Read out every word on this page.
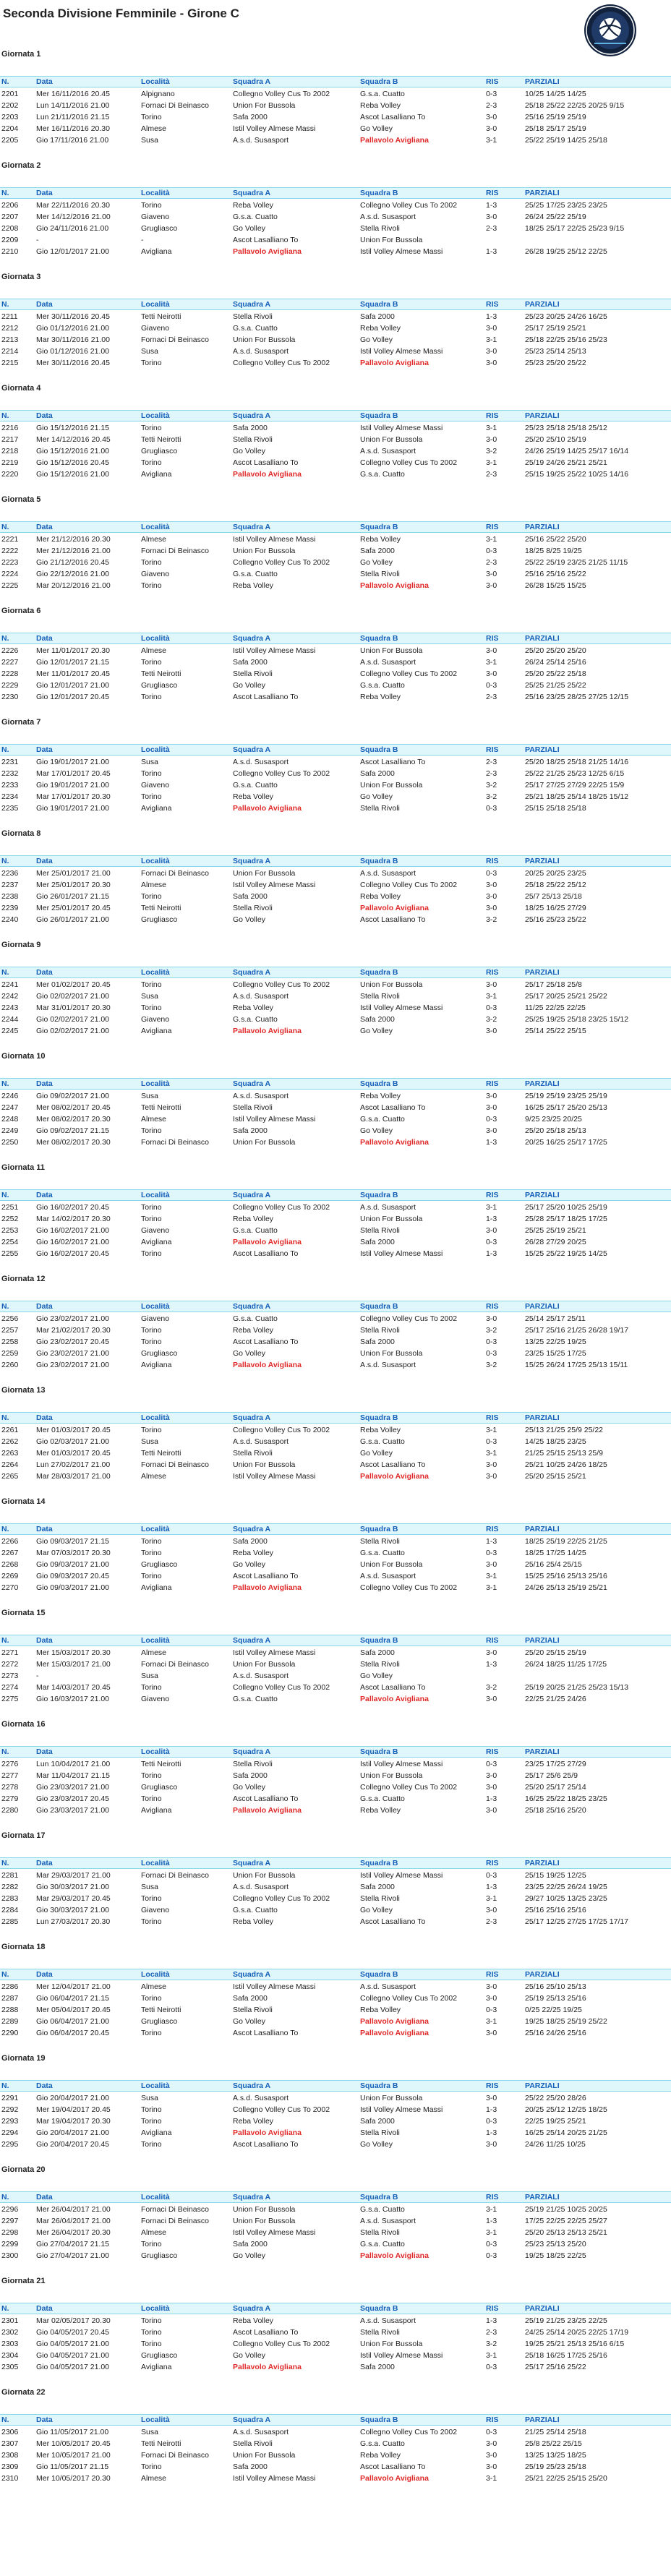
Seconda Divisione Femminile - Girone C
Giornata 1
N.	Data	Località	Squadra A	Squadra B	RIS	PARZIALI
2201	Mer 16/11/2016 20.45	Alpignano	Collegno Volley Cus To 2002	G.s.a. Cuatto	0-3	10/25 14/25 14/25
2202	Lun 14/11/2016 21.00	Fornaci Di Beinasco	Union For Bussola	Reba Volley	2-3	25/18 25/22 22/25 20/25 9/15
2203	Lun 21/11/2016 21.15	Torino	Safa 2000	Ascot Lasalliano To	3-0	25/16 25/19 25/19
2204	Mer 16/11/2016 20.30	Almese	Istil Volley Almese Massi	Go Volley	3-0	25/18 25/17 25/19
2205	Gio 17/11/2016 21.00	Susa	A.s.d. Susasport	Pallavolo Avigliana	3-1	25/22 25/19 14/25 25/18
Giornata 2
N.	Data	Località	Squadra A	Squadra B	RIS	PARZIALI
2206	Mar 22/11/2016 20.30	Torino	Reba Volley	Collegno Volley Cus To 2002	1-3	25/25 17/25 23/25 23/25
2207	Mer 14/12/2016 21.00	Giaveno	G.s.a. Cuatto	A.s.d. Susasport	3-0	26/24 25/22 25/19
2208	Gio 24/11/2016 21.00	Grugliasco	Go Volley	Stella Rivoli	2-3	18/25 25/17 22/25 25/23 9/15
2209	-	-	Ascot Lasalliano To	Union For Bussola
2210	Gio 12/01/2017 21.00	Avigliana	Pallavolo Avigliana	Istil Volley Almese Massi	1-3	26/28 19/25 25/12 22/25
Giornata 3
N.	Data	Località	Squadra A	Squadra B	RIS	PARZIALI
2211	Mer 30/11/2016 20.45	Tetti Neirotti	Stella Rivoli	Safa 2000	1-3	25/23 20/25 24/26 16/25
2212	Gio 01/12/2016 21.00	Giaveno	G.s.a. Cuatto	Reba Volley	3-0	25/17 25/19 25/21
2213	Mar 30/11/2016 21.00	Fornaci Di Beinasco	Union For Bussola	Go Volley	3-1	25/18 22/25 25/16 25/23
2214	Gio 01/12/2016 21.00	Susa	A.s.d. Susasport	Istil Volley Almese Massi	3-0	25/23 25/14 25/13
2215	Mer 30/11/2016 20.45	Torino	Collegno Volley Cus To 2002	Pallavolo Avigliana	3-0	25/23 25/20 25/22
Giornata 4
N.	Data	Località	Squadra A	Squadra B	RIS	PARZIALI
2216	Gio 15/12/2016 21.15	Torino	Safa 2000	Istil Volley Almese Massi	3-1	25/23 25/18 25/18 25/12
2217	Mer 14/12/2016 20.45	Tetti Neirotti	Stella Rivoli	Union For Bussola	3-0	25/20 25/10 25/19
2218	Gio 15/12/2016 21.00	Grugliasco	Go Volley	A.s.d. Susasport	3-2	24/26 25/19 14/25 25/17 16/14
2219	Gio 15/12/2016 20.45	Torino	Ascot Lasalliano To	Collegno Volley Cus To 2002	3-1	25/19 24/26 25/21 25/21
2220	Gio 15/12/2016 21.00	Avigliana	Pallavolo Avigliana	G.s.a. Cuatto	2-3	25/15 19/25 25/22 10/25 14/16
Giornata 5
N.	Data	Località	Squadra A	Squadra B	RIS	PARZIALI
2221	Mer 21/12/2016 20.30	Almese	Istil Volley Almese Massi	Reba Volley	3-1	25/16 25/22 25/20
2222	Mer 21/12/2016 21.00	Fornaci Di Beinasco	Union For Bussola	Safa 2000	0-3	18/25 8/25 19/25
2223	Gio 21/12/2016 20.45	Torino	Collegno Volley Cus To 2002	Go Volley	2-3	25/22 25/19 23/25 21/25 11/15
2224	Gio 22/12/2016 21.00	Giaveno	G.s.a. Cuatto	Stella Rivoli	3-0	25/16 25/16 25/22
2225	Mar 20/12/2016 21.00	Torino	Reba Volley	Pallavolo Avigliana	3-0	26/28 15/25 15/25
Giornata 6
N.	Data	Località	Squadra A	Squadra B	RIS	PARZIALI
2226	Mer 11/01/2017 20.30	Almese	Istil Volley Almese Massi	Union For Bussola	3-0	25/20 25/20 25/20
2227	Gio 12/01/2017 21.15	Torino	Safa 2000	A.s.d. Susasport	3-1	26/24 25/14 25/16
2228	Mer 11/01/2017 20.45	Tetti Neirotti	Stella Rivoli	Collegno Volley Cus To 2002	3-0	25/20 25/22 25/18
2229	Gio 12/01/2017 21.00	Grugliasco	Go Volley	G.s.a. Cuatto	0-3	25/25 21/25 25/22
2230	Gio 12/01/2017 20.45	Torino	Ascot Lasalliano To	Reba Volley	2-3	25/16 23/25 28/25 27/25 12/15
Giornata 7
N.	Data	Località	Squadra A	Squadra B	RIS	PARZIALI
2231	Gio 19/01/2017 21.00	Susa	A.s.d. Susasport	Ascot Lasalliano To	2-3	25/20 18/25 25/18 21/25 14/16
2232	Mar 17/01/2017 20.45	Torino	Collegno Volley Cus To 2002	Safa 2000	2-3	25/22 21/25 25/23 12/25 6/15
2233	Gio 19/01/2017 21.00	Giaveno	G.s.a. Cuatto	Union For Bussola	3-2	25/17 27/25 27/29 22/25 15/9
2234	Mar 17/01/2017 20.30	Torino	Reba Volley	Go Volley	3-2	25/21 18/25 25/14 18/25 15/12
2235	Gio 19/01/2017 21.00	Avigliana	Pallavolo Avigliana	Stella Rivoli	0-3	25/15 25/18 25/18
Giornata 8
N.	Data	Località	Squadra A	Squadra B	RIS	PARZIALI
2236	Mer 25/01/2017 21.00	Fornaci Di Beinasco	Union For Bussola	A.s.d. Susasport	0-3	20/25 20/25 23/25
2237	Mer 25/01/2017 20.30	Almese	Istil Volley Almese Massi	Collegno Volley Cus To 2002	3-0	25/18 25/22 25/12
2238	Gio 26/01/2017 21.15	Torino	Safa 2000	Reba Volley	3-0	25/7 25/13 25/18
2239	Mer 25/01/2017 20.45	Tetti Neirotti	Stella Rivoli	Pallavolo Avigliana	3-0	18/25 16/25 27/29
2240	Gio 26/01/2017 21.00	Grugliasco	Go Volley	Ascot Lasalliano To	3-2	25/16 25/23 25/22
Giornata 9
N.	Data	Località	Squadra A	Squadra B	RIS	PARZIALI
2241	Mer 01/02/2017 20.45	Torino	Collegno Volley Cus To 2002	Union For Bussola	3-0	25/17 25/18 25/8
2242	Gio 02/02/2017 21.00	Susa	A.s.d. Susasport	Stella Rivoli	3-1	25/17 20/25 25/21 25/22
2243	Mar 31/01/2017 20.30	Torino	Reba Volley	Istil Volley Almese Massi	0-3	11/25 22/25 22/25
2244	Gio 02/02/2017 21.00	Giaveno	G.s.a. Cuatto	Safa 2000	3-2	25/25 19/25 25/18 23/25 15/12
2245	Gio 02/02/2017 21.00	Avigliana	Pallavolo Avigliana	Go Volley	3-0	25/14 25/22 25/15
Giornata 10
N.	Data	Località	Squadra A	Squadra B	RIS	PARZIALI
2246	Gio 09/02/2017 21.00	Susa	A.s.d. Susasport	Reba Volley	3-0	25/19 25/19 23/25 25/19
2247	Mer 08/02/2017 20.45	Tetti Neirotti	Stella Rivoli	Ascot Lasalliano To	3-0	16/25 25/17 25/20 25/13
2248	Mer 08/02/2017 20.30	Almese	Istil Volley Almese Massi	G.s.a. Cuatto	0-3	9/25 23/25 20/25
2249	Gio 09/02/2017 21.15	Torino	Safa 2000	Go Volley	3-0	25/20 25/18 25/13
2250	Mer 08/02/2017 20.30	Fornaci Di Beinasco	Union For Bussola	Pallavolo Avigliana	1-3	20/25 16/25 25/17 17/25
Giornata 11
N.	Data	Località	Squadra A	Squadra B	RIS	PARZIALI
2251	Gio 16/02/2017 20.45	Torino	Collegno Volley Cus To 2002	A.s.d. Susasport	3-1	25/17 25/20 10/25 25/19
2252	Mar 14/02/2017 20.30	Torino	Reba Volley	Union For Bussola	1-3	25/28 25/17 18/25 17/25
2253	Gio 16/02/2017 21.00	Giaveno	G.s.a. Cuatto	Stella Rivoli	3-0	25/25 25/19 25/21
2254	Gio 16/02/2017 21.00	Avigliana	Pallavolo Avigliana	Safa 2000	0-3	26/28 27/29 20/25
2255	Gio 16/02/2017 20.45	Torino	Ascot Lasalliano To	Istil Volley Almese Massi	1-3	15/25 25/22 19/25 14/25
Giornata 12
N.	Data	Località	Squadra A	Squadra B	RIS	PARZIALI
2256	Gio 23/02/2017 21.00	Giaveno	G.s.a. Cuatto	Collegno Volley Cus To 2002	3-0	25/14 25/17 25/11
2257	Mar 21/02/2017 20.30	Torino	Reba Volley	Stella Rivoli	3-2	25/17 25/16 21/25 26/28 19/17
2258	Gio 23/02/2017 20.45	Torino	Ascot Lasalliano To	Safa 2000	0-3	13/25 22/25 19/25
2259	Gio 23/02/2017 21.00	Grugliasco	Go Volley	Union For Bussola	0-3	23/25 15/25 17/25
2260	Gio 23/02/2017 21.00	Avigliana	Pallavolo Avigliana	A.s.d. Susasport	3-2	15/25 26/24 17/25 25/13 15/11
Giornata 13
N.	Data	Località	Squadra A	Squadra B	RIS	PARZIALI
2261	Mer 01/03/2017 20.45	Torino	Collegno Volley Cus To 2002	Reba Volley	3-1	25/13 21/25 25/9 25/22
2262	Gio 02/03/2017 21.00	Susa	A.s.d. Susasport	G.s.a. Cuatto	0-3	14/25 18/25 23/25
2263	Mer 01/03/2017 20.45	Tetti Neirotti	Stella Rivoli	Go Volley	3-1	21/25 25/15 25/13 25/9
2264	Lun 27/02/2017 21.00	Fornaci Di Beinasco	Union For Bussola	Ascot Lasalliano To	3-0	25/21 10/25 24/26 18/25
2265	Mar 28/03/2017 21.00	Almese	Istil Volley Almese Massi	Pallavolo Avigliana	3-0	25/20 25/15 25/21
Giornata 14
N.	Data	Località	Squadra A	Squadra B	RIS	PARZIALI
2266	Gio 09/03/2017 21.15	Torino	Safa 2000	Stella Rivoli	1-3	18/25 25/19 22/25 21/25
2267	Mar 07/03/2017 20.30	Torino	Reba Volley	G.s.a. Cuatto	0-3	18/25 17/25 14/25
2268	Gio 09/03/2017 21.00	Grugliasco	Go Volley	Union For Bussola	3-0	25/16 25/4 25/15
2269	Gio 09/03/2017 20.45	Torino	Ascot Lasalliano To	A.s.d. Susasport	3-1	15/25 25/16 25/13 25/16
2270	Gio 09/03/2017 21.00	Avigliana	Pallavolo Avigliana	Collegno Volley Cus To 2002	3-1	24/26 25/13 25/19 25/21
Giornata 15
N.	Data	Località	Squadra A	Squadra B	RIS	PARZIALI
2271	Mer 15/03/2017 20.30	Almese	Istil Volley Almese Massi	Safa 2000	3-0	25/20 25/15 25/19
2272	Mer 15/03/2017 21.00	Fornaci Di Beinasco	Union For Bussola	Stella Rivoli	1-3	26/24 18/25 11/25 17/25
2273	-	Susa	A.s.d. Susasport	Go Volley
2274	Mar 14/03/2017 20.45	Torino	Collegno Volley Cus To 2002	Ascot Lasalliano To	3-2	25/19 20/25 21/25 25/23 15/13
2275	Gio 16/03/2017 21.00	Giaveno	G.s.a. Cuatto	Pallavolo Avigliana	3-0	22/25 21/25 24/26
Giornata 16
N.	Data	Località	Squadra A	Squadra B	RIS	PARZIALI
2276	Lun 10/04/2017 21.00	Tetti Neirotti	Stella Rivoli	Istil Volley Almese Massi	0-3	23/25 17/25 27/29
2277	Mar 11/04/2017 21.15	Torino	Safa 2000	Union For Bussola	3-0	25/17 25/6 25/9
2278	Gio 23/03/2017 21.00	Grugliasco	Go Volley	Collegno Volley Cus To 2002	3-0	25/20 25/17 25/14
2279	Gio 23/03/2017 20.45	Torino	Ascot Lasalliano To	G.s.a. Cuatto	1-3	16/25 25/22 18/25 23/25
2280	Gio 23/03/2017 21.00	Avigliana	Pallavolo Avigliana	Reba Volley	3-0	25/18 25/16 25/20
Giornata 17
N.	Data	Località	Squadra A	Squadra B	RIS	PARZIALI
2281	Mar 29/03/2017 21.00	Fornaci Di Beinasco	Union For Bussola	Istil Volley Almese Massi	0-3	25/15 19/25 12/25
2282	Gio 30/03/2017 21.00	Susa	A.s.d. Susasport	Safa 2000	1-3	23/25 22/25 26/24 19/25
2283	Mar 29/03/2017 20.45	Torino	Collegno Volley Cus To 2002	Stella Rivoli	3-1	29/27 10/25 13/25 23/25
2284	Gio 30/03/2017 21.00	Giaveno	G.s.a. Cuatto	Go Volley	3-0	25/16 25/16 25/16
2285	Lun 27/03/2017 20.30	Torino	Reba Volley	Ascot Lasalliano To	2-3	25/17 12/25 27/25 17/25 17/17
Giornata 18
N.	Data	Località	Squadra A	Squadra B	RIS	PARZIALI
2286	Mer 12/04/2017 21.00	Almese	Istil Volley Almese Massi	A.s.d. Susasport	3-0	25/16 25/10 25/13
2287	Gio 06/04/2017 21.15	Torino	Safa 2000	Collegno Volley Cus To 2002	3-0	25/19 25/13 25/16
2288	Mer 05/04/2017 20.45	Tetti Neirotti	Stella Rivoli	Reba Volley	0-3	0/25 22/25 19/25
2289	Gio 06/04/2017 21.00	Grugliasco	Go Volley	Pallavolo Avigliana	3-1	19/25 18/25 25/19 25/22
2290	Gio 06/04/2017 20.45	Torino	Ascot Lasalliano To	Pallavolo Avigliana	3-0	25/16 24/26 25/16
Giornata 19
N.	Data	Località	Squadra A	Squadra B	RIS	PARZIALI
2291	Gio 20/04/2017 21.00	Susa	A.s.d. Susasport	Union For Bussola	3-0	25/22 25/20 28/26
2292	Mer 19/04/2017 20.45	Torino	Collegno Volley Cus To 2002	Istil Volley Almese Massi	1-3	20/25 25/12 12/25 18/25
2293	Mar 19/04/2017 20.30	Torino	Reba Volley	Safa 2000	0-3	22/25 19/25 25/21
2294	Gio 20/04/2017 21.00	Avigliana	Pallavolo Avigliana	Stella Rivoli	1-3	16/25 25/14 20/25 21/25
2295	Gio 20/04/2017 20.45	Torino	Ascot Lasalliano To	Go Volley	3-0	24/26 11/25 10/25
Giornata 20
N.	Data	Località	Squadra A	Squadra B	RIS	PARZIALI
2296	Mer 26/04/2017 21.00	Fornaci Di Beinasco	Union For Bussola	G.s.a. Cuatto	3-1	25/19 21/25 10/25 20/25
2297	Mar 26/04/2017 21.00	Fornaci Di Beinasco	Union For Bussola	A.s.d. Susasport	1-3	17/25 22/25 22/25 25/27
2298	Mer 26/04/2017 20.30	Almese	Istil Volley Almese Massi	Stella Rivoli	3-1	25/20 25/13 25/13 25/21
2299	Gio 27/04/2017 21.15	Torino	Safa 2000	G.s.a. Cuatto	0-3	25/23 25/13 25/20
2300	Gio 27/04/2017 21.00	Grugliasco	Go Volley	Pallavolo Avigliana	0-3	19/25 18/25 22/25
Giornata 21
N.	Data	Località	Squadra A	Squadra B	RIS	PARZIALI
2301	Mar 02/05/2017 20.30	Torino	Reba Volley	A.s.d. Susasport	1-3	25/19 21/25 23/25 22/25
2302	Gio 04/05/2017 20.45	Torino	Ascot Lasalliano To	Stella Rivoli	2-3	24/25 25/14 20/25 22/25 17/19
2303	Gio 04/05/2017 21.00	Torino	Collegno Volley Cus To 2002	Union For Bussola	3-2	19/25 25/21 25/13 25/16 6/15
2304	Gio 04/05/2017 21.00	Grugliasco	Go Volley	Istil Volley Almese Massi	3-1	25/18 16/25 17/25 25/16
2305	Gio 04/05/2017 21.00	Avigliana	Pallavolo Avigliana	Safa 2000	0-3	25/17 25/16 25/22
Giornata 22
N.	Data	Località	Squadra A	Squadra B	RIS	PARZIALI
2306	Gio 11/05/2017 21.00	Susa	A.s.d. Susasport	Collegno Volley Cus To 2002	0-3	21/25 25/14 25/18
2307	Mer 10/05/2017 20.45	Tetti Neirotti	Stella Rivoli	G.s.a. Cuatto	3-0	25/8 25/22 25/15
2308	Mer 10/05/2017 21.00	Fornaci Di Beinasco	Union For Bussola	Reba Volley	3-0	13/25 13/25 18/25
2309	Gio 11/05/2017 21.15	Torino	Safa 2000	Ascot Lasalliano To	3-0	25/19 25/23 25/18
2310	Mer 10/05/2017 20.30	Almese	Istil Volley Almese Massi	Pallavolo Avigliana	3-1	25/21 22/25 25/15 25/20
